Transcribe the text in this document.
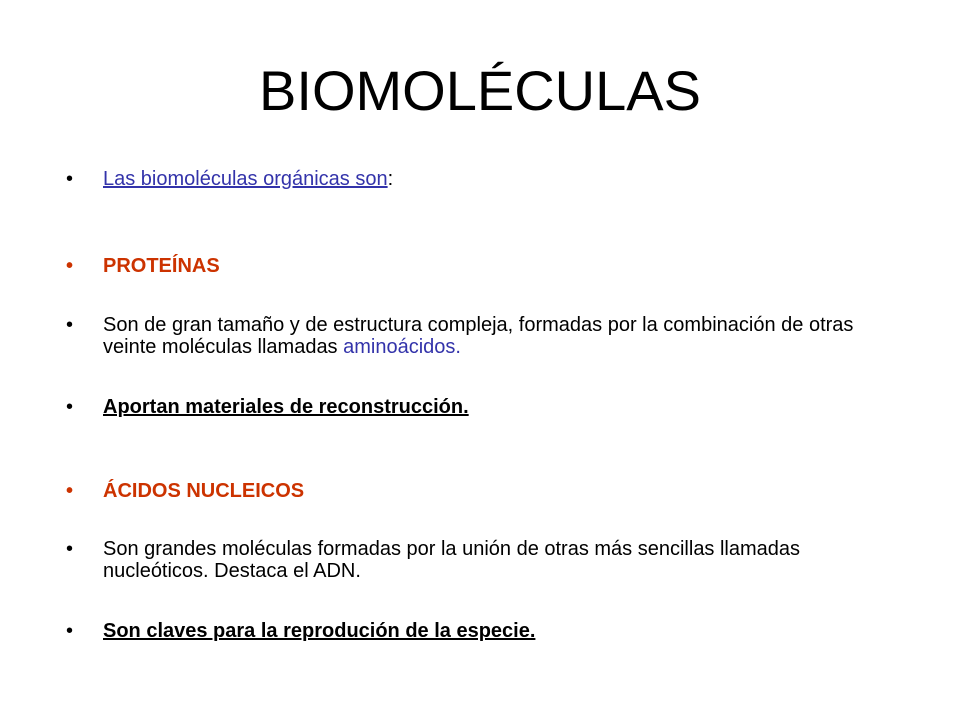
BIOMOLÉCULAS
•	Las biomoléculas orgánicas son:
•	PROTEÍNAS
•	Son de gran tamaño y de estructura compleja, formadas por la combinación de otras veinte moléculas llamadas aminoácidos.
•	Aportan materiales de reconstrucción.
•	ÁCIDOS NUCLEICOS
•	Son grandes moléculas formadas por la unión de otras más sencillas llamadas nucleóticos. Destaca el ADN.
•	Son claves para la reprodución de la especie.
